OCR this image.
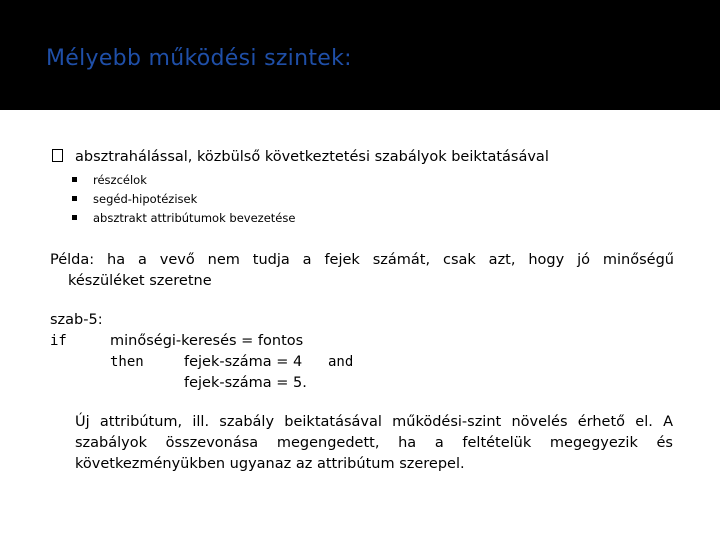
Mélyebb működési szintek:
absztrahálással, közbülső következtetési szabályok beiktatásával
részcélok
segéd-hipotézisek
absztrakt attribútumok bevezetése
Példa: ha a vevő nem tudja a fejek számát, csak azt, hogy jó minőségű
készüléket szeretne
szab-5:
if	minőségi-keresés = fontos
then	fejek-száma = 4 and
fejek-száma = 5.
Új attribútum, ill. szabály beiktatásával működési-szint növelés érhető el. A
szabályok összevonása megengedett, ha a feltételük megegyezik és
következményükben ugyanaz az attribútum szerepel.
